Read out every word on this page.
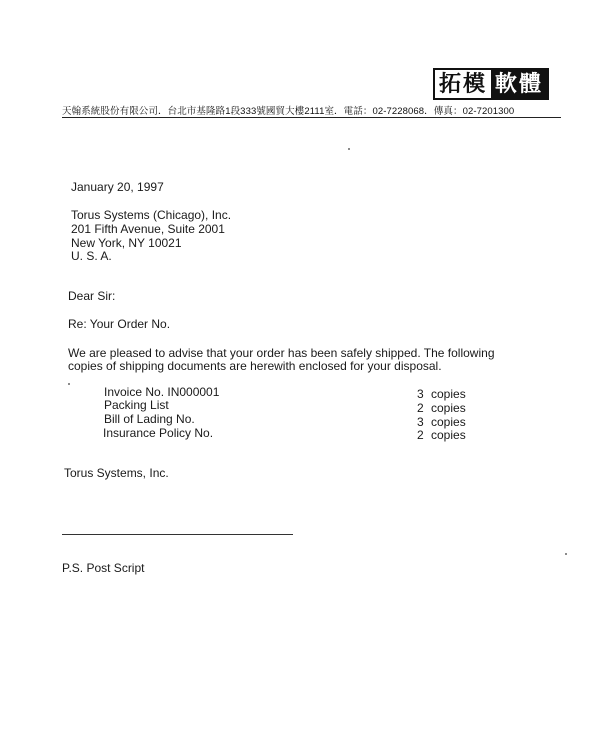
拓模 軟體
天翰系統股份有限公司．台北市基隆路1段333號國貿大樓2111室．電話：02-7228068．傳真：02-7201300
January 20, 1997
Torus Systems (Chicago), Inc.
201 Fifth Avenue, Suite 2001
New York, NY 10021
U. S. A.
Dear Sir:
Re: Your Order No.
We are pleased to advise that your order has been safely shipped. The following
copies of shipping documents are herewith enclosed for your disposal.
Invoice No. IN000001	3 copies
Packing List	2 copies
Bill of Lading No.	3 copies
Insurance Policy No.	2 copies
Torus Systems, Inc.
P.S. Post Script
